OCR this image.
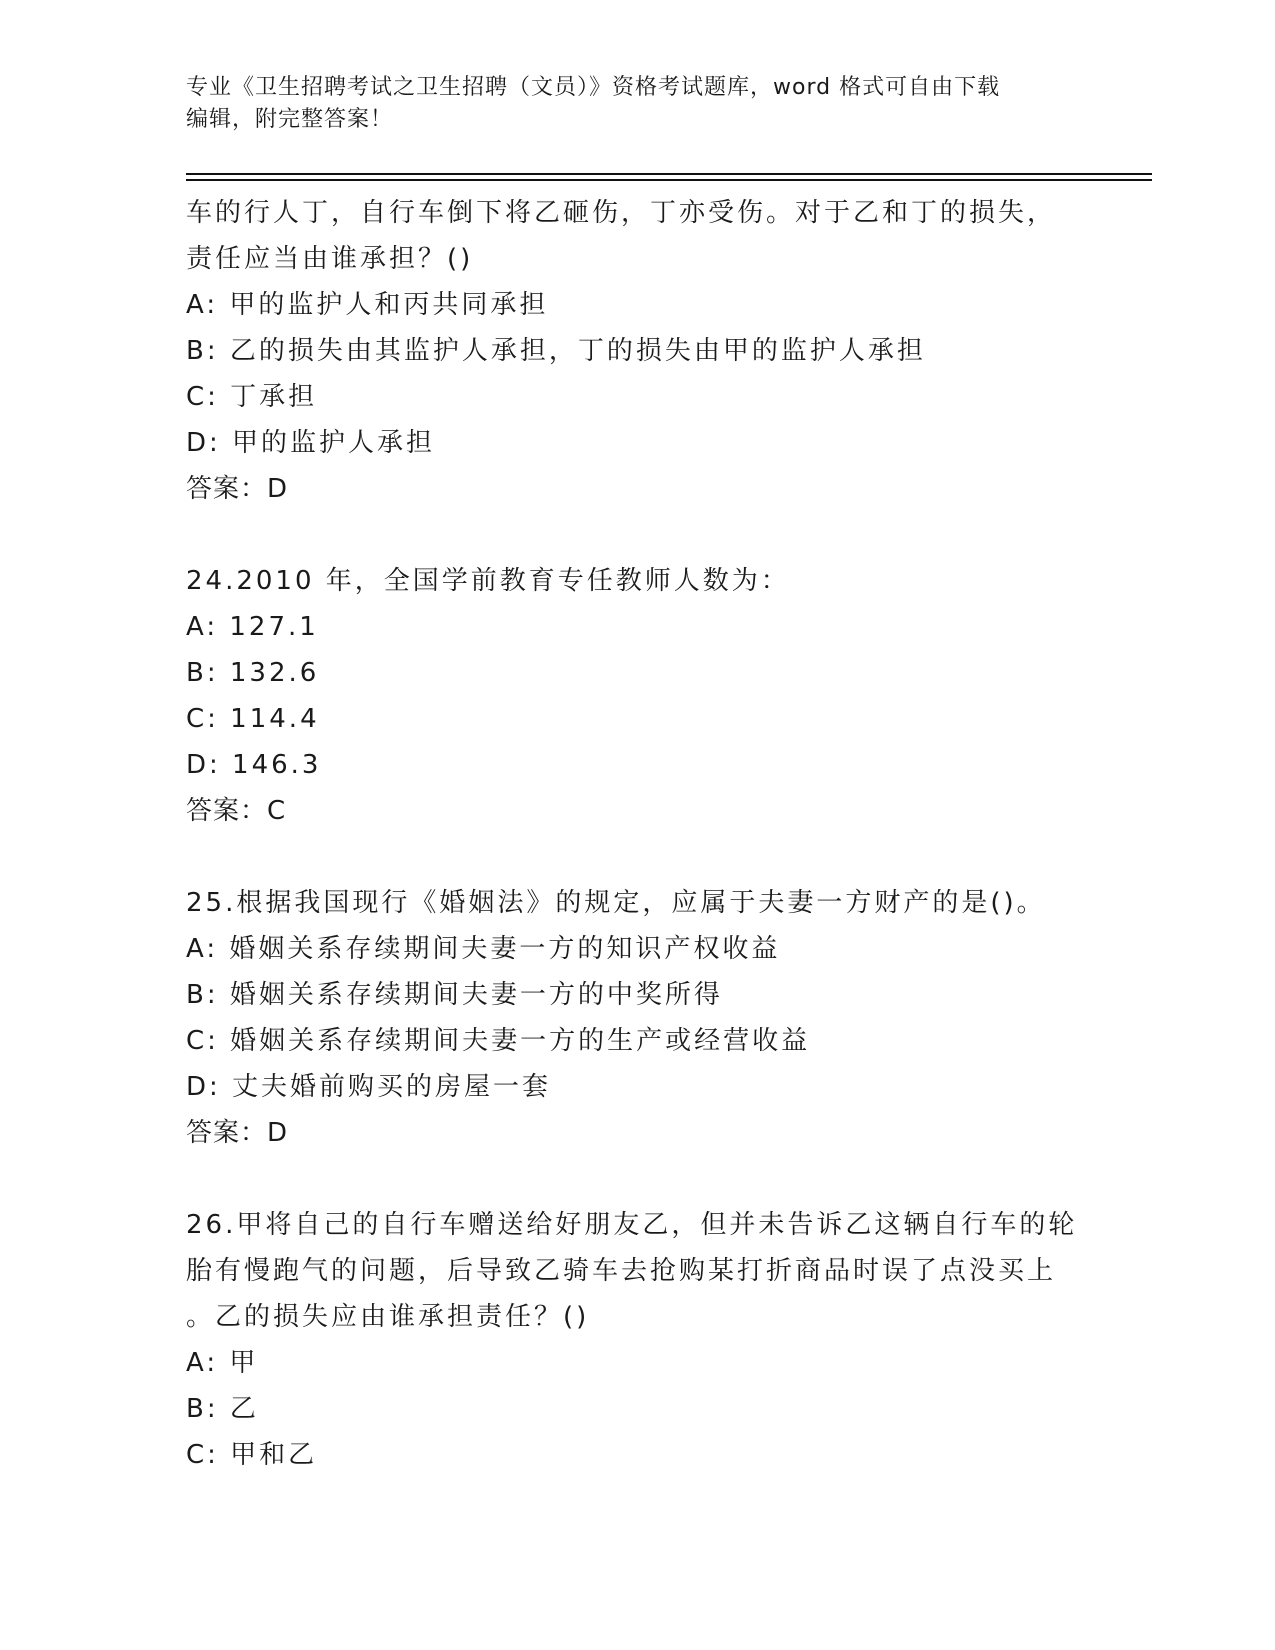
专业《卫生招聘考试之卫生招聘（文员）》资格考试题库，word 格式可自由下载
编辑，附完整答案！
车的行人丁，自行车倒下将乙砸伤，丁亦受伤。对于乙和丁的损失，
责任应当由谁承担？()
A: 甲的监护人和丙共同承担
B: 乙的损失由其监护人承担，丁的损失由甲的监护人承担
C: 丁承担
D: 甲的监护人承担
答案：D
24.2010 年，全国学前教育专任教师人数为：
A: 127.1
B: 132.6
C: 114.4
D: 146.3
答案：C
25.根据我国现行《婚姻法》的规定，应属于夫妻一方财产的是()。
A: 婚姻关系存续期间夫妻一方的知识产权收益
B: 婚姻关系存续期间夫妻一方的中奖所得
C: 婚姻关系存续期间夫妻一方的生产或经营收益
D: 丈夫婚前购买的房屋一套
答案：D
26.甲将自己的自行车赠送给好朋友乙，但并未告诉乙这辆自行车的轮
胎有慢跑气的问题，后导致乙骑车去抢购某打折商品时误了点没买上
。乙的损失应由谁承担责任？()
A: 甲
B: 乙
C: 甲和乙
